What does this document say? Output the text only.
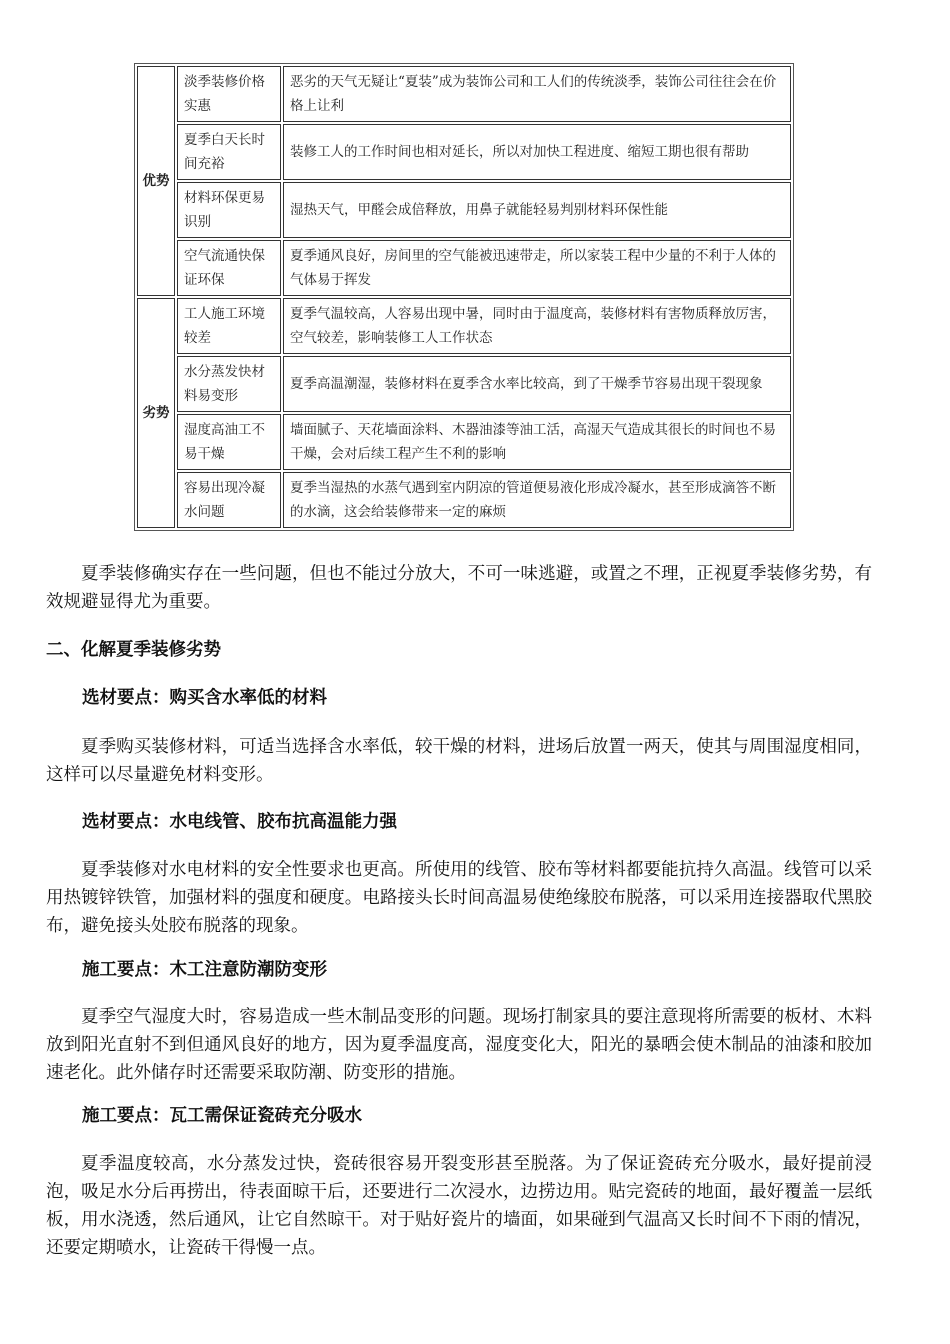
优势	淡季装修价格实惠	恶劣的天气无疑让“夏装”成为装饰公司和工人们的传统淡季，装饰公司往往会在价格上让利
	夏季白天长时间充裕	装修工人的工作时间也相对延长，所以对加快工程进度、缩短工期也很有帮助
	材料环保更易识别	湿热天气，甲醛会成倍释放，用鼻子就能轻易判别材料环保性能
	空气流通快保证环保	夏季通风良好，房间里的空气能被迅速带走，所以家装工程中少量的不利于人体的气体易于挥发
劣势	工人施工环境较差	夏季气温较高，人容易出现中暑，同时由于温度高，装修材料有害物质释放厉害，空气较差，影响装修工人工作状态
	水分蒸发快材料易变形	夏季高温潮湿，装修材料在夏季含水率比较高，到了干燥季节容易出现干裂现象
	湿度高油工不易干燥	墙面腻子、天花墙面涂料、木器油漆等油工活，高湿天气造成其很长的时间也不易干燥，会对后续工程产生不利的影响
	容易出现冷凝水问题	夏季当湿热的水蒸气遇到室内阴凉的管道便易液化形成冷凝水，甚至形成滴答不断的水滴，这会给装修带来一定的麻烦

夏季装修确实存在一些问题，但也不能过分放大，不可一味逃避，或置之不理，正视夏季装修劣势，有效规避显得尤为重要。

二、化解夏季装修劣势
选材要点：购买含水率低的材料

夏季购买装修材料，可适当选择含水率低，较干燥的材料，进场后放置一两天，使其与周围湿度相同，这样可以尽量避免材料变形。

选材要点：水电线管、胶布抗高温能力强

夏季装修对水电材料的安全性要求也更高。所使用的线管、胶布等材料都要能抗持久高温。线管可以采用热镀锌铁管，加强材料的强度和硬度。电路接头长时间高温易使绝缘胶布脱落，可以采用连接器取代黑胶布，避免接头处胶布脱落的现象。

施工要点：木工注意防潮防变形

夏季空气湿度大时，容易造成一些木制品变形的问题。现场打制家具的要注意现将所需要的板材、木料放到阳光直射不到但通风良好的地方，因为夏季温度高，湿度变化大，阳光的暴晒会使木制品的油漆和胶加速老化。此外储存时还需要采取防潮、防变形的措施。

施工要点：瓦工需保证瓷砖充分吸水

夏季温度较高，水分蒸发过快，瓷砖很容易开裂变形甚至脱落。为了保证瓷砖充分吸水，最好提前浸泡，吸足水分后再捞出，待表面晾干后，还要进行二次浸水，边捞边用。贴完瓷砖的地面，最好覆盖一层纸板，用水浇透，然后通风，让它自然晾干。对于贴好瓷片的墙面，如果碰到气温高又长时间不下雨的情况，还要定期喷水，让瓷砖干得慢一点。
